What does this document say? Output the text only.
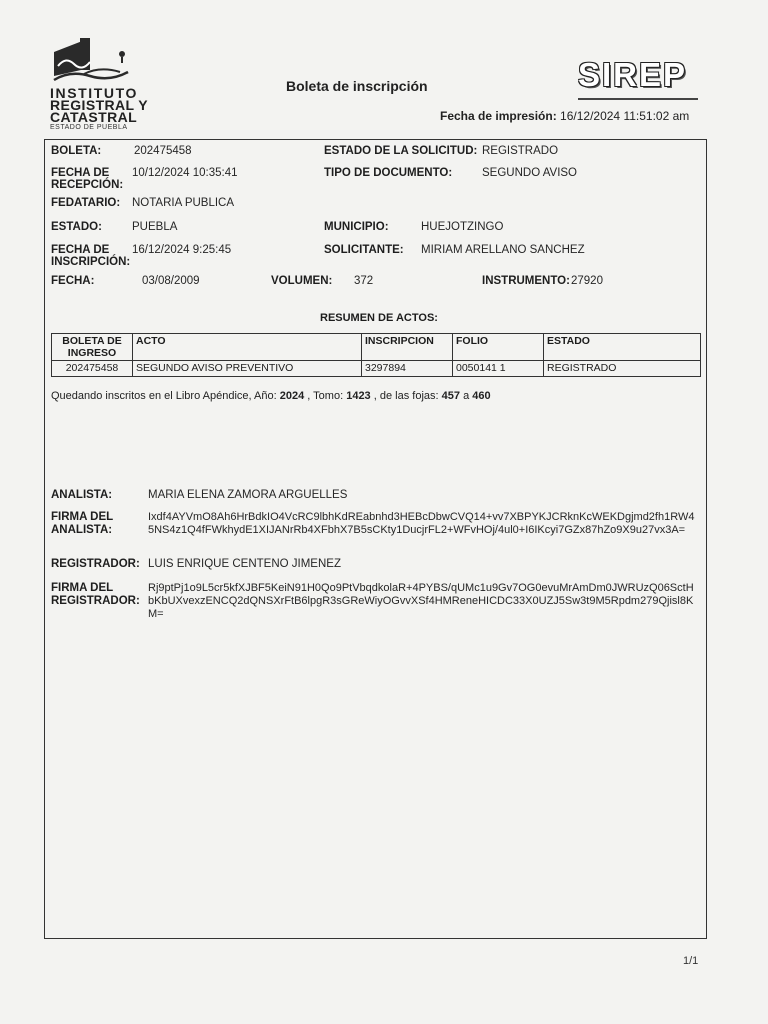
INSTITUTO
REGISTRAL Y
CATASTRAL
ESTADO DE PUEBLA
Boleta de inscripción	SIREP
Fecha de impresión: 16/12/2024 11:51:02 am
BOLETA:	202475458	ESTADO DE LA SOLICITUD: REGISTRADO
FECHA DE
RECEPCIÓN:
10/12/2024 10:35:41	TIPO DE DOCUMENTO:	SEGUNDO AVISO
FEDATARIO: NOTARIA PUBLICA
ESTADO:	PUEBLA	MUNICIPIO:	HUEJOTZINGO
FECHA DE
INSCRIPCIÓN:
16/12/2024 9:25:45	SOLICITANTE: MIRIAM ARELLANO SANCHEZ
FECHA:	03/08/2009	VOLUMEN: 372	INSTRUMENTO: 27920
RESUMEN DE ACTOS:
BOLETA DE INGRESO	ACTO	INSCRIPCION	FOLIO	ESTADO
202475458	SEGUNDO AVISO PREVENTIVO	3297894	0050141 1	REGISTRADO
Quedando inscritos en el Libro Apéndice, Año: 2024 , Tomo: 1423 , de las fojas: 457 a 460
ANALISTA:	MARIA ELENA ZAMORA ARGUELLES
FIRMA DEL
ANALISTA:
Ixdf4AYVmO8Ah6HrBdkIO4VcRC9lbhKdREabnhd3HEBcDbwCVQ14+vv7XBPYKJCRknKcWEKDgjmd2fh1RW45NS4z1Q4fFWkhydE1XIJANrRb4XFbhX7B5sCKty1DucjrFL2+WFvHOj/4ul0+I6IKcyi7GZx87hZo9X9u27vx3A=
REGISTRADOR: LUIS ENRIQUE CENTENO JIMENEZ
FIRMA DEL
REGISTRADOR:
Rj9ptPj1o9L5cr5kfXJBF5KeiN91H0Qo9PtVbqdkolaR+4PYBS/qUMc1u9Gv7OG0evuMrAmDm0JWRUzQ06SctHbKbUXvexzENCQ2dQNSXrFtB6lpgR3sGReWiyOGvvXSf4HMReneHICDC33X0UZJ5Sw3t9M5Rpdm279Qjisl8KM=
1/1
